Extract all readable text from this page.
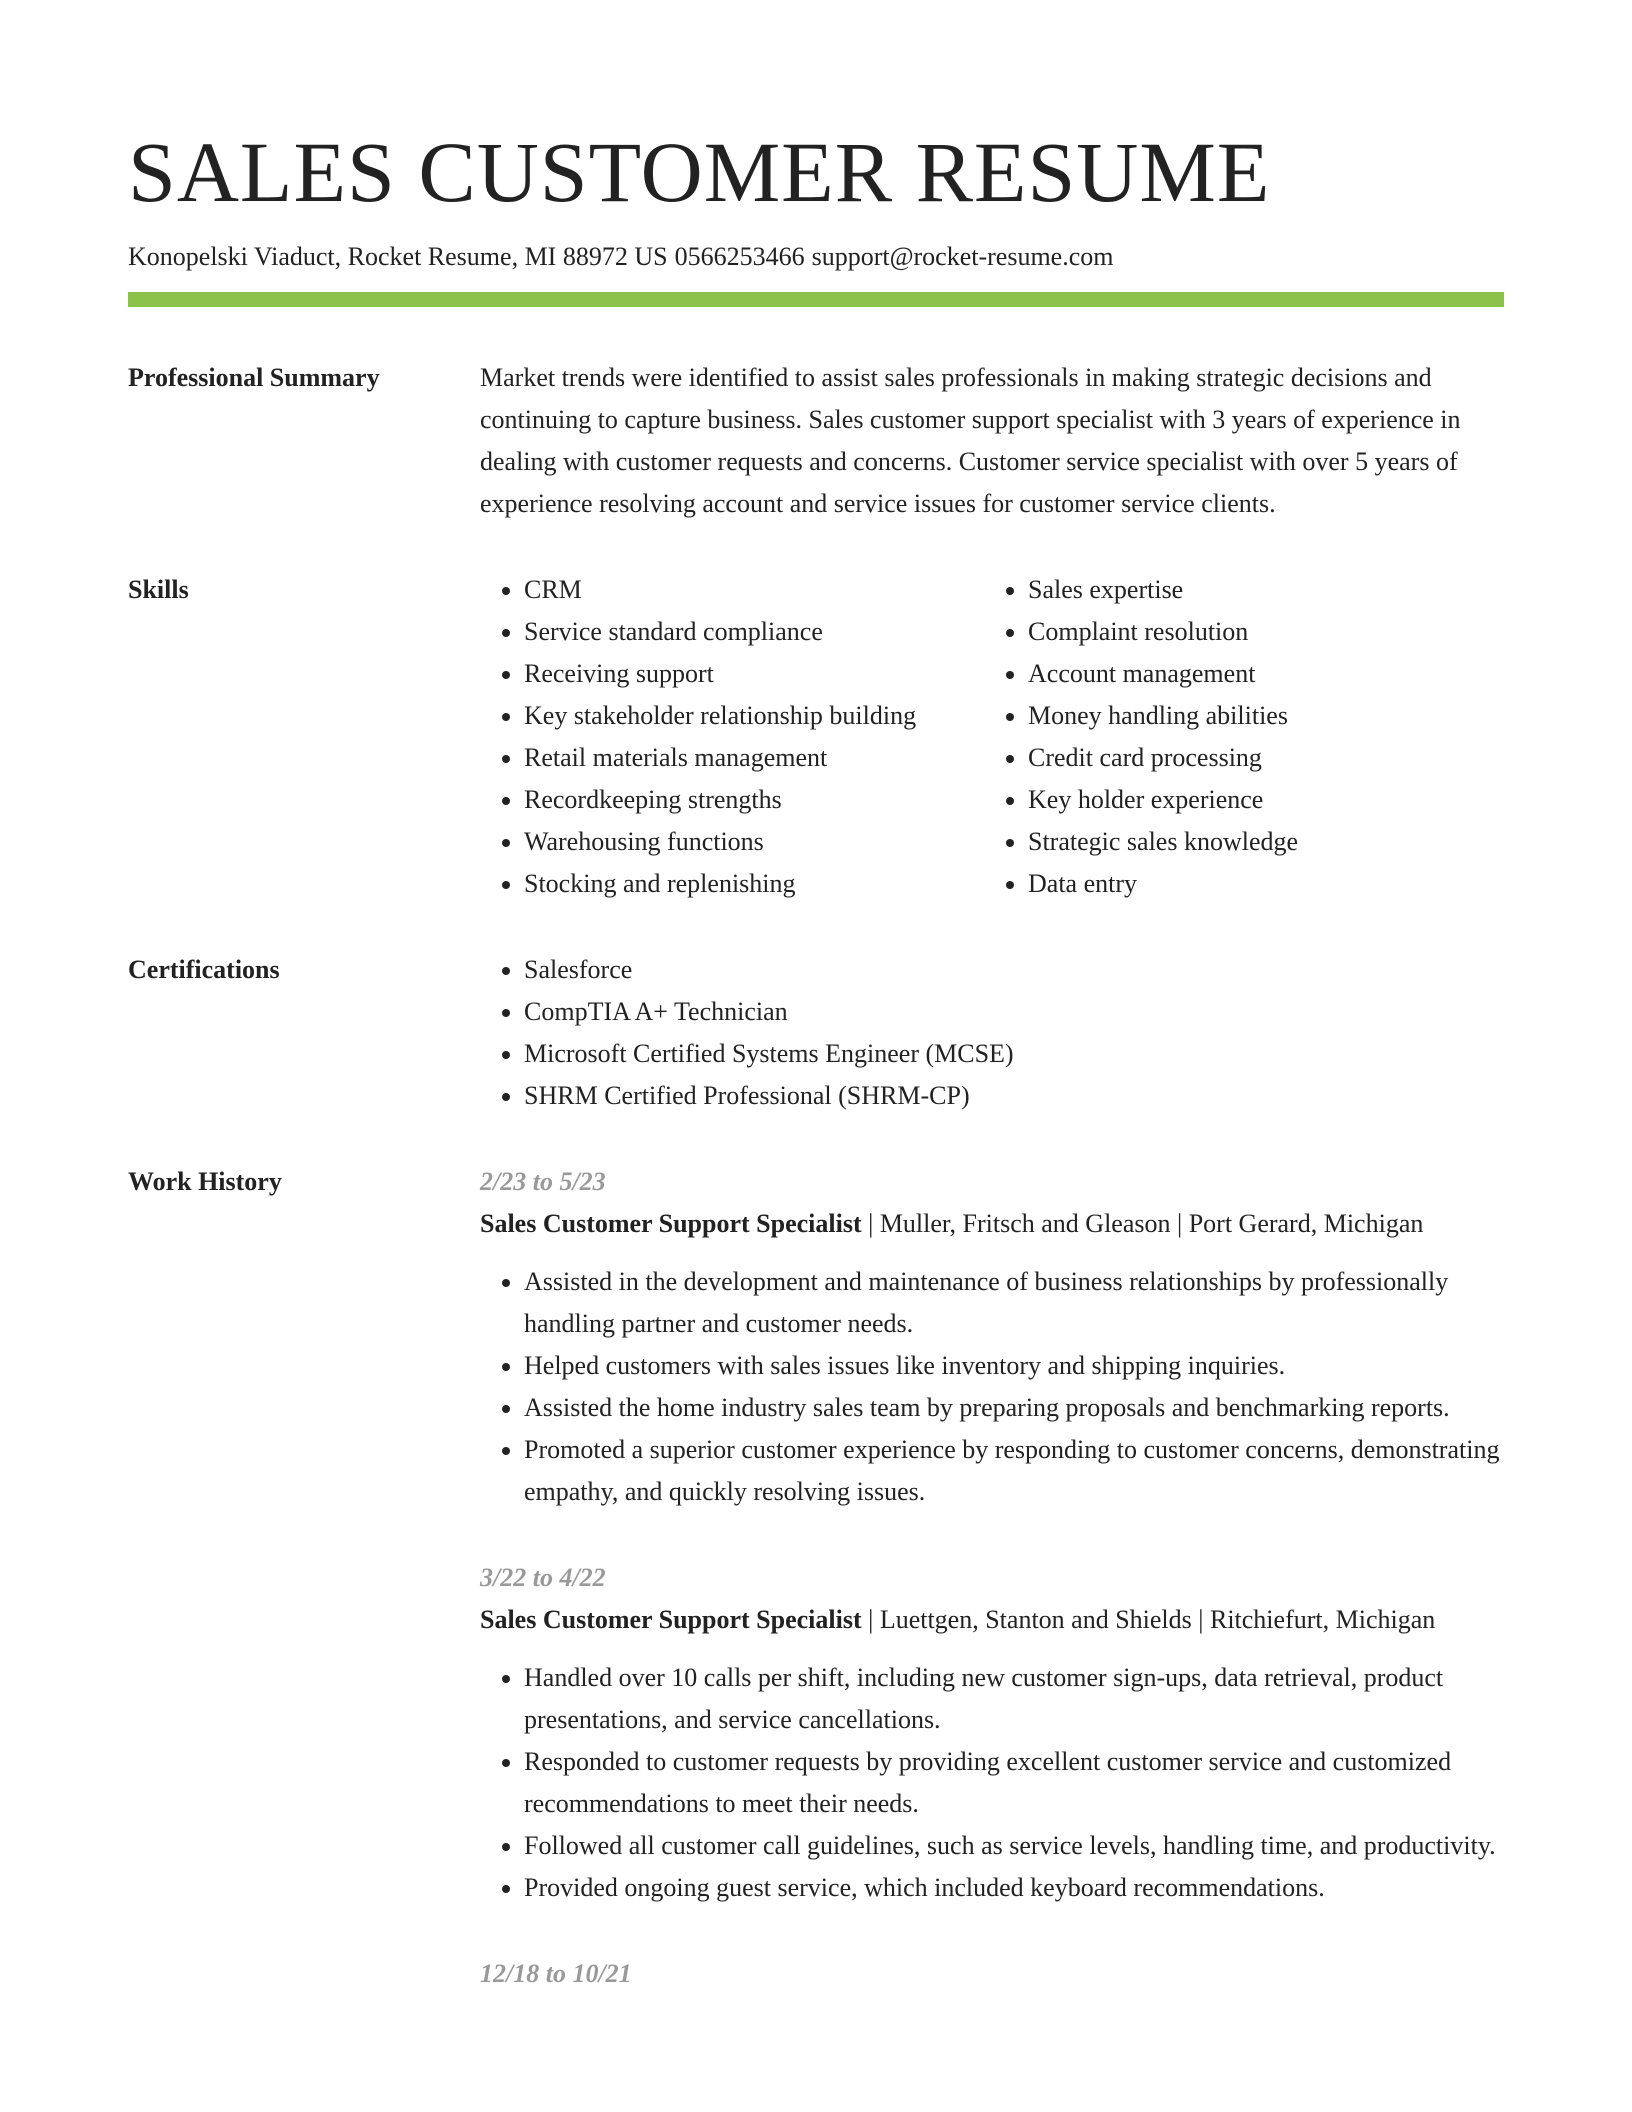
SALES CUSTOMER RESUME
Konopelski Viaduct, Rocket Resume, MI 88972 US 0566253466 support@rocket-resume.com
Professional Summary	Market trends were identified to assist sales professionals in making strategic decisions and continuing to capture business. Sales customer support specialist with 3 years of experience in dealing with customer requests and concerns. Customer service specialist with over 5 years of experience resolving account and service issues for customer service clients.

Skills	• CRM
• Service standard compliance
• Receiving support
• Key stakeholder relationship building
• Retail materials management
• Recordkeeping strengths
• Warehousing functions
• Stocking and replenishing
• Sales expertise
• Complaint resolution
• Account management
• Money handling abilities
• Credit card processing
• Key holder experience
• Strategic sales knowledge
• Data entry
Certifications	• Salesforce
• CompTIA A+ Technician
• Microsoft Certified Systems Engineer (MCSE)
• SHRM Certified Professional (SHRM-CP)
Work History	2/23 to 5/23
Sales Customer Support Specialist | Muller, Fritsch and Gleason | Port Gerard, Michigan
• Assisted in the development and maintenance of business relationships by professionally handling partner and customer needs.
• Helped customers with sales issues like inventory and shipping inquiries.
• Assisted the home industry sales team by preparing proposals and benchmarking reports.
• Promoted a superior customer experience by responding to customer concerns, demonstrating empathy, and quickly resolving issues.
3/22 to 4/22
Sales Customer Support Specialist | Luettgen, Stanton and Shields | Ritchiefurt, Michigan
• Handled over 10 calls per shift, including new customer sign-ups, data retrieval, product presentations, and service cancellations.
• Responded to customer requests by providing excellent customer service and customized recommendations to meet their needs.
• Followed all customer call guidelines, such as service levels, handling time, and productivity.
• Provided ongoing guest service, which included keyboard recommendations.
12/18 to 10/21
